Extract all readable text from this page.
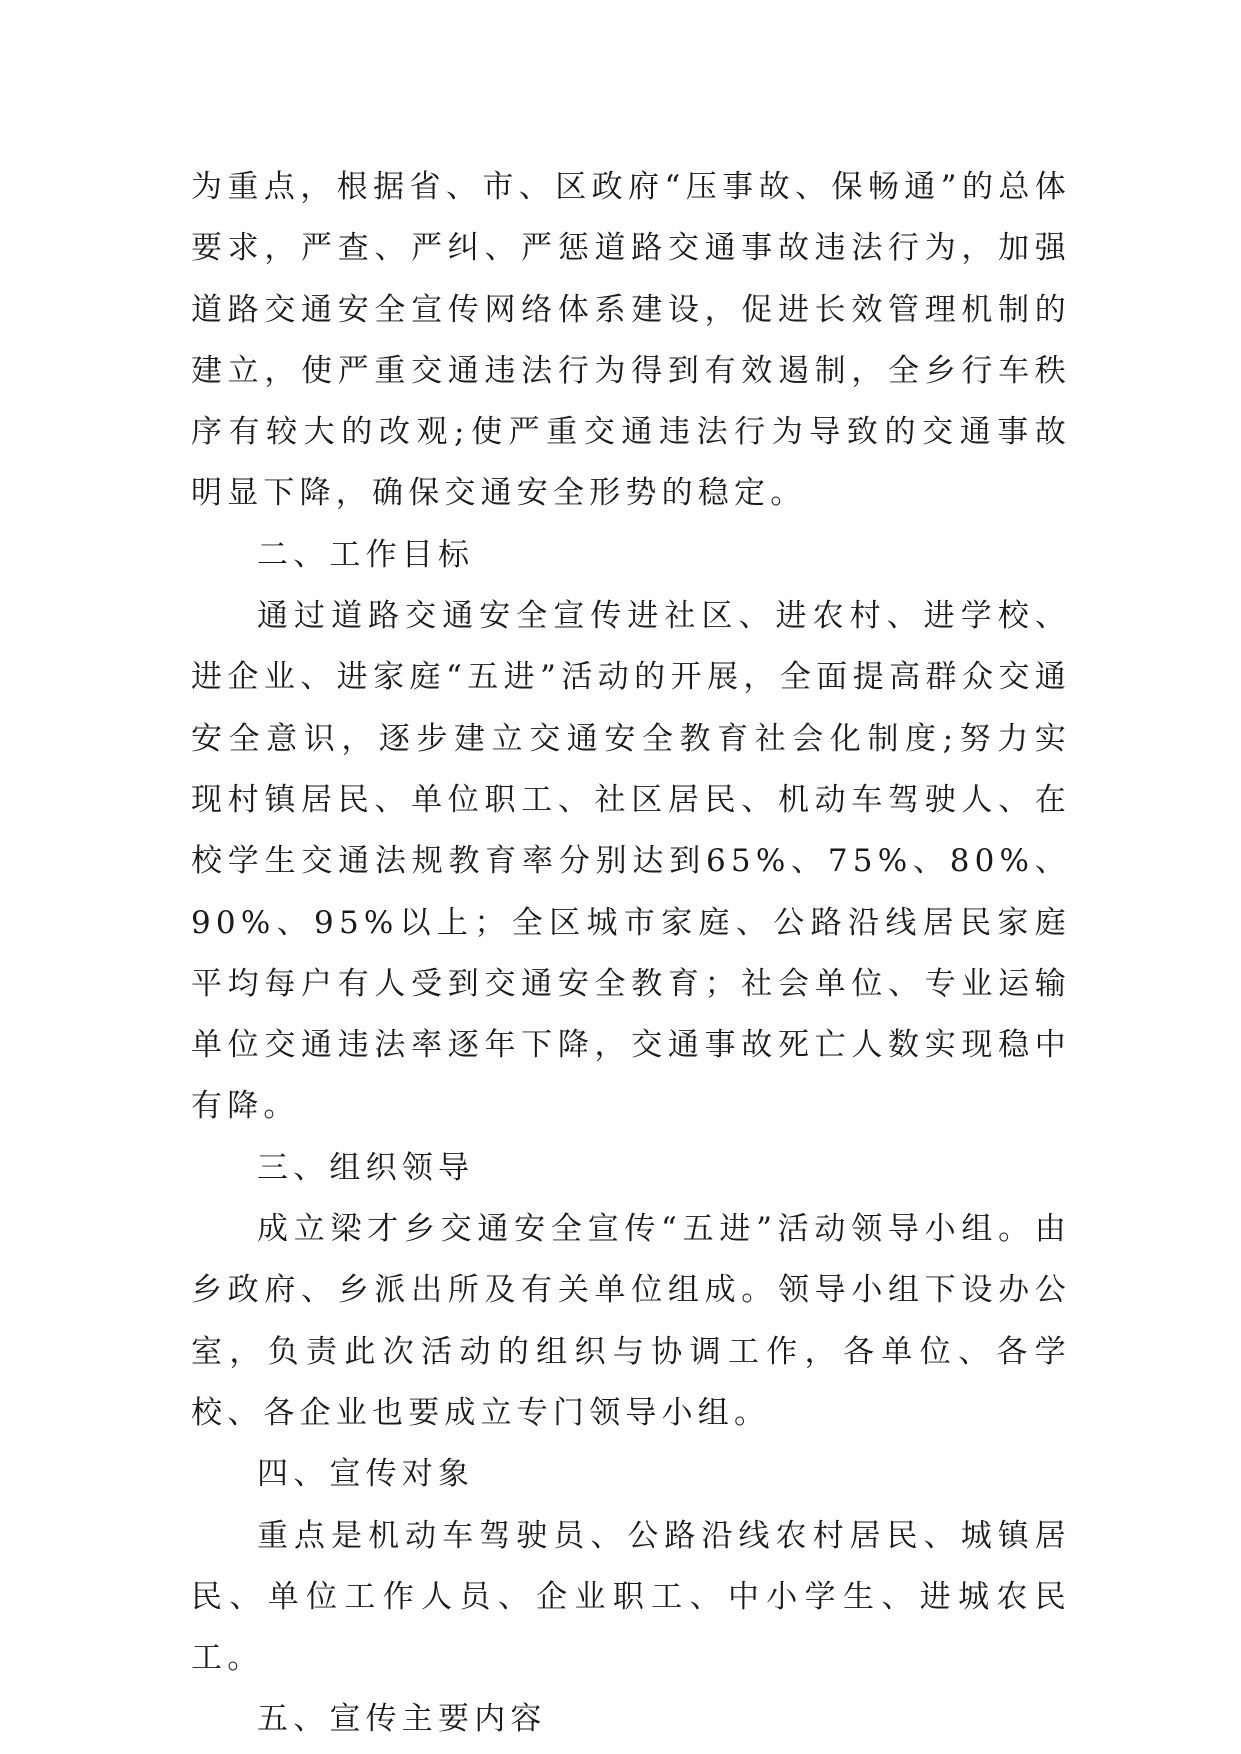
为重点，根据省、市、区政府“压事故、保畅通”的总体要求，严查、严纠、严惩道路交通事故违法行为，加强道路交通安全宣传网络体系建设，促进长效管理机制的建立，使严重交通违法行为得到有效遏制，全乡行车秩序有较大的改观;使严重交通违法行为导致的交通事故明显下降，确保交通安全形势的稳定。

二、工作目标

通过道路交通安全宣传进社区、进农村、进学校、进企业、进家庭“五进”活动的开展，全面提高群众交通安全意识，逐步建立交通安全教育社会化制度;努力实现村镇居民、单位职工、社区居民、机动车驾驶人、在校学生交通法规教育率分别达到65%、75%、80%、90%、95%以上；全区城市家庭、公路沿线居民家庭平均每户有人受到交通安全教育；社会单位、专业运输单位交通违法率逐年下降，交通事故死亡人数实现稳中有降。

三、组织领导

成立梁才乡交通安全宣传“五进”活动领导小组。由乡政府、乡派出所及有关单位组成。领导小组下设办公室，负责此次活动的组织与协调工作，各单位、各学校、各企业也要成立专门领导小组。

四、宣传对象

重点是机动车驾驶员、公路沿线农村居民、城镇居民、单位工作人员、企业职工、中小学生、进城农民工。

五、宣传主要内容
